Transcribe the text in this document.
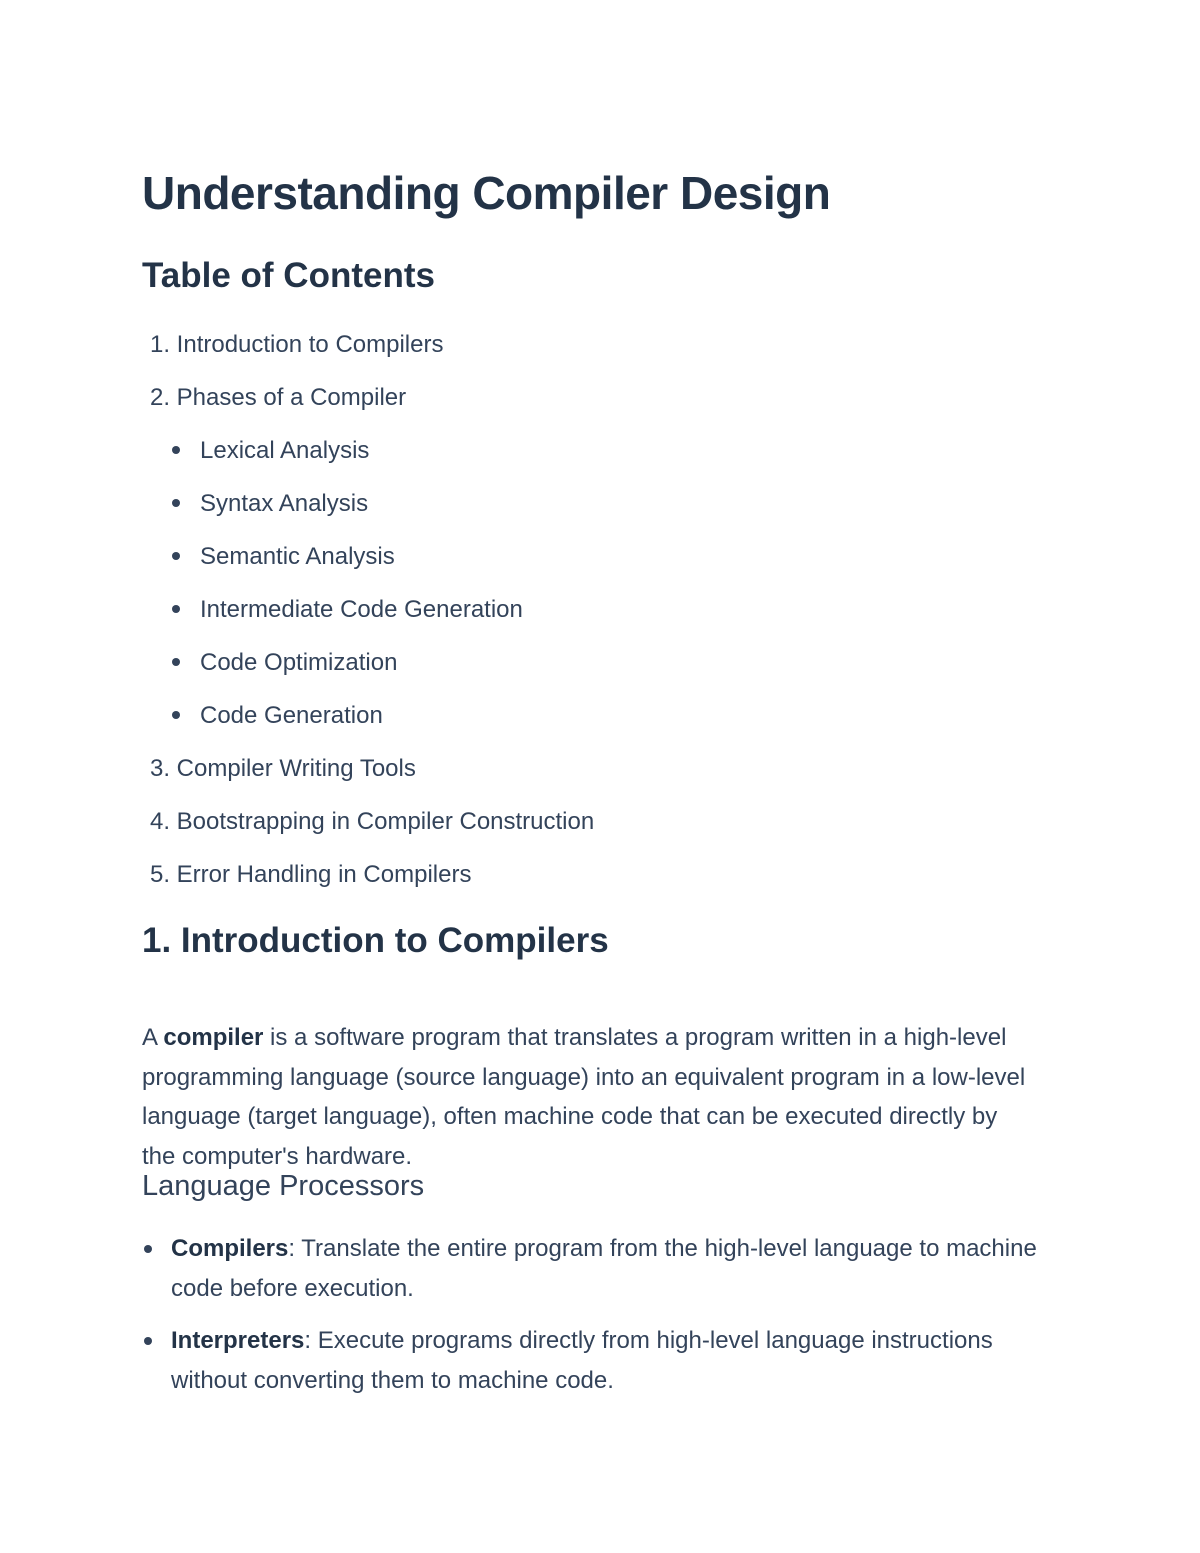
Understanding Compiler Design
Table of Contents
1. Introduction to Compilers
2. Phases of a Compiler
Lexical Analysis
Syntax Analysis
Semantic Analysis
Intermediate Code Generation
Code Optimization
Code Generation
3. Compiler Writing Tools
4. Bootstrapping in Compiler Construction
5. Error Handling in Compilers
1. Introduction to Compilers

A compiler is a software program that translates a program written in a high-level programming language (source language) into an equivalent program in a low-level language (target language), often machine code that can be executed directly by the computer's hardware.

Language Processors
Compilers: Translate the entire program from the high-level language to machine code before execution.
Interpreters: Execute programs directly from high-level language instructions without converting them to machine code.
